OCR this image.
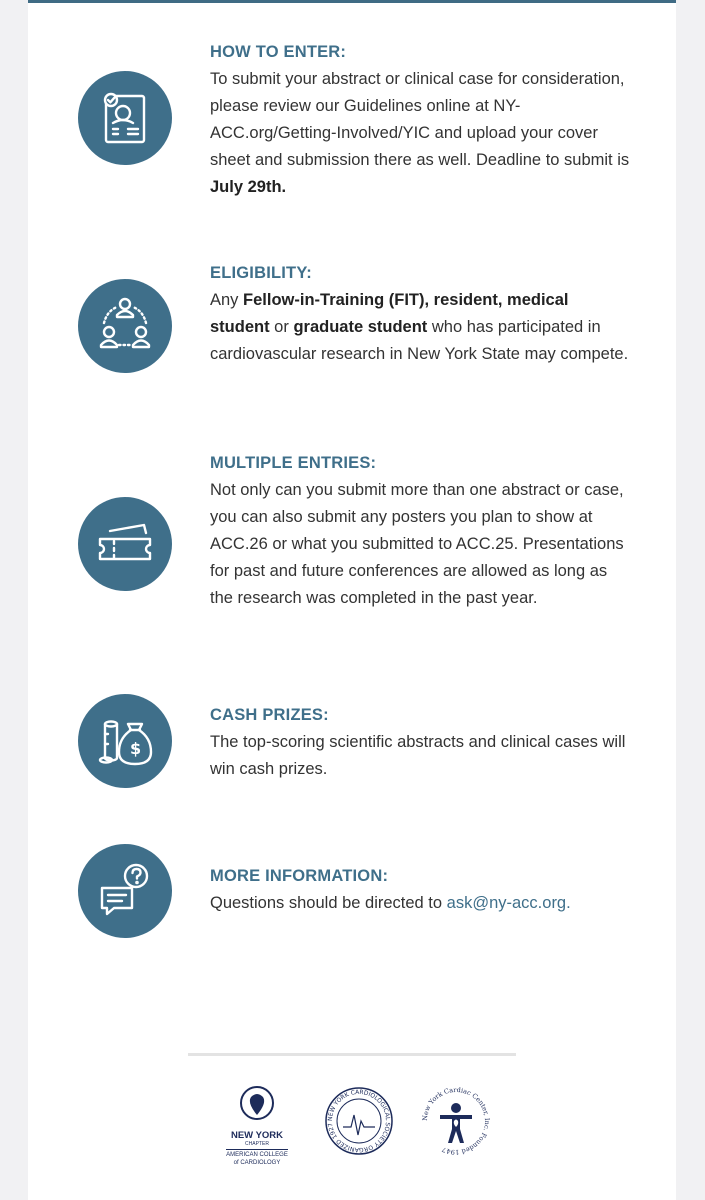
HOW TO ENTER:

To submit your abstract or clinical case for consideration, please review our Guidelines online at NY-ACC.org/Getting-Involved/YIC and upload your cover sheet and submission there as well. Deadline to submit is July 29th.

ELIGIBILITY:

Any Fellow-in-Training (FIT), resident, medical student or graduate student who has participated in cardiovascular research in New York State may compete.

MULTIPLE ENTRIES:

Not only can you submit more than one abstract or case, you can also submit any posters you plan to show at ACC.26 or what you submitted to ACC.25. Presentations for past and future conferences are allowed as long as the research was completed in the past year.

$

CASH PRIZES:

The top-scoring scientific abstracts and clinical cases will win cash prizes.

MORE INFORMATION:

Questions should be directed to ask@ny-acc.org.

NEW YORK
CHAPTER
AMERICAN COLLEGE
of CARDIOLOGY
NEW YORK CARDIOLOGICAL SOCIETY ORGANIZED 1927
New York Cardiac Center, Inc. Founded 1947
